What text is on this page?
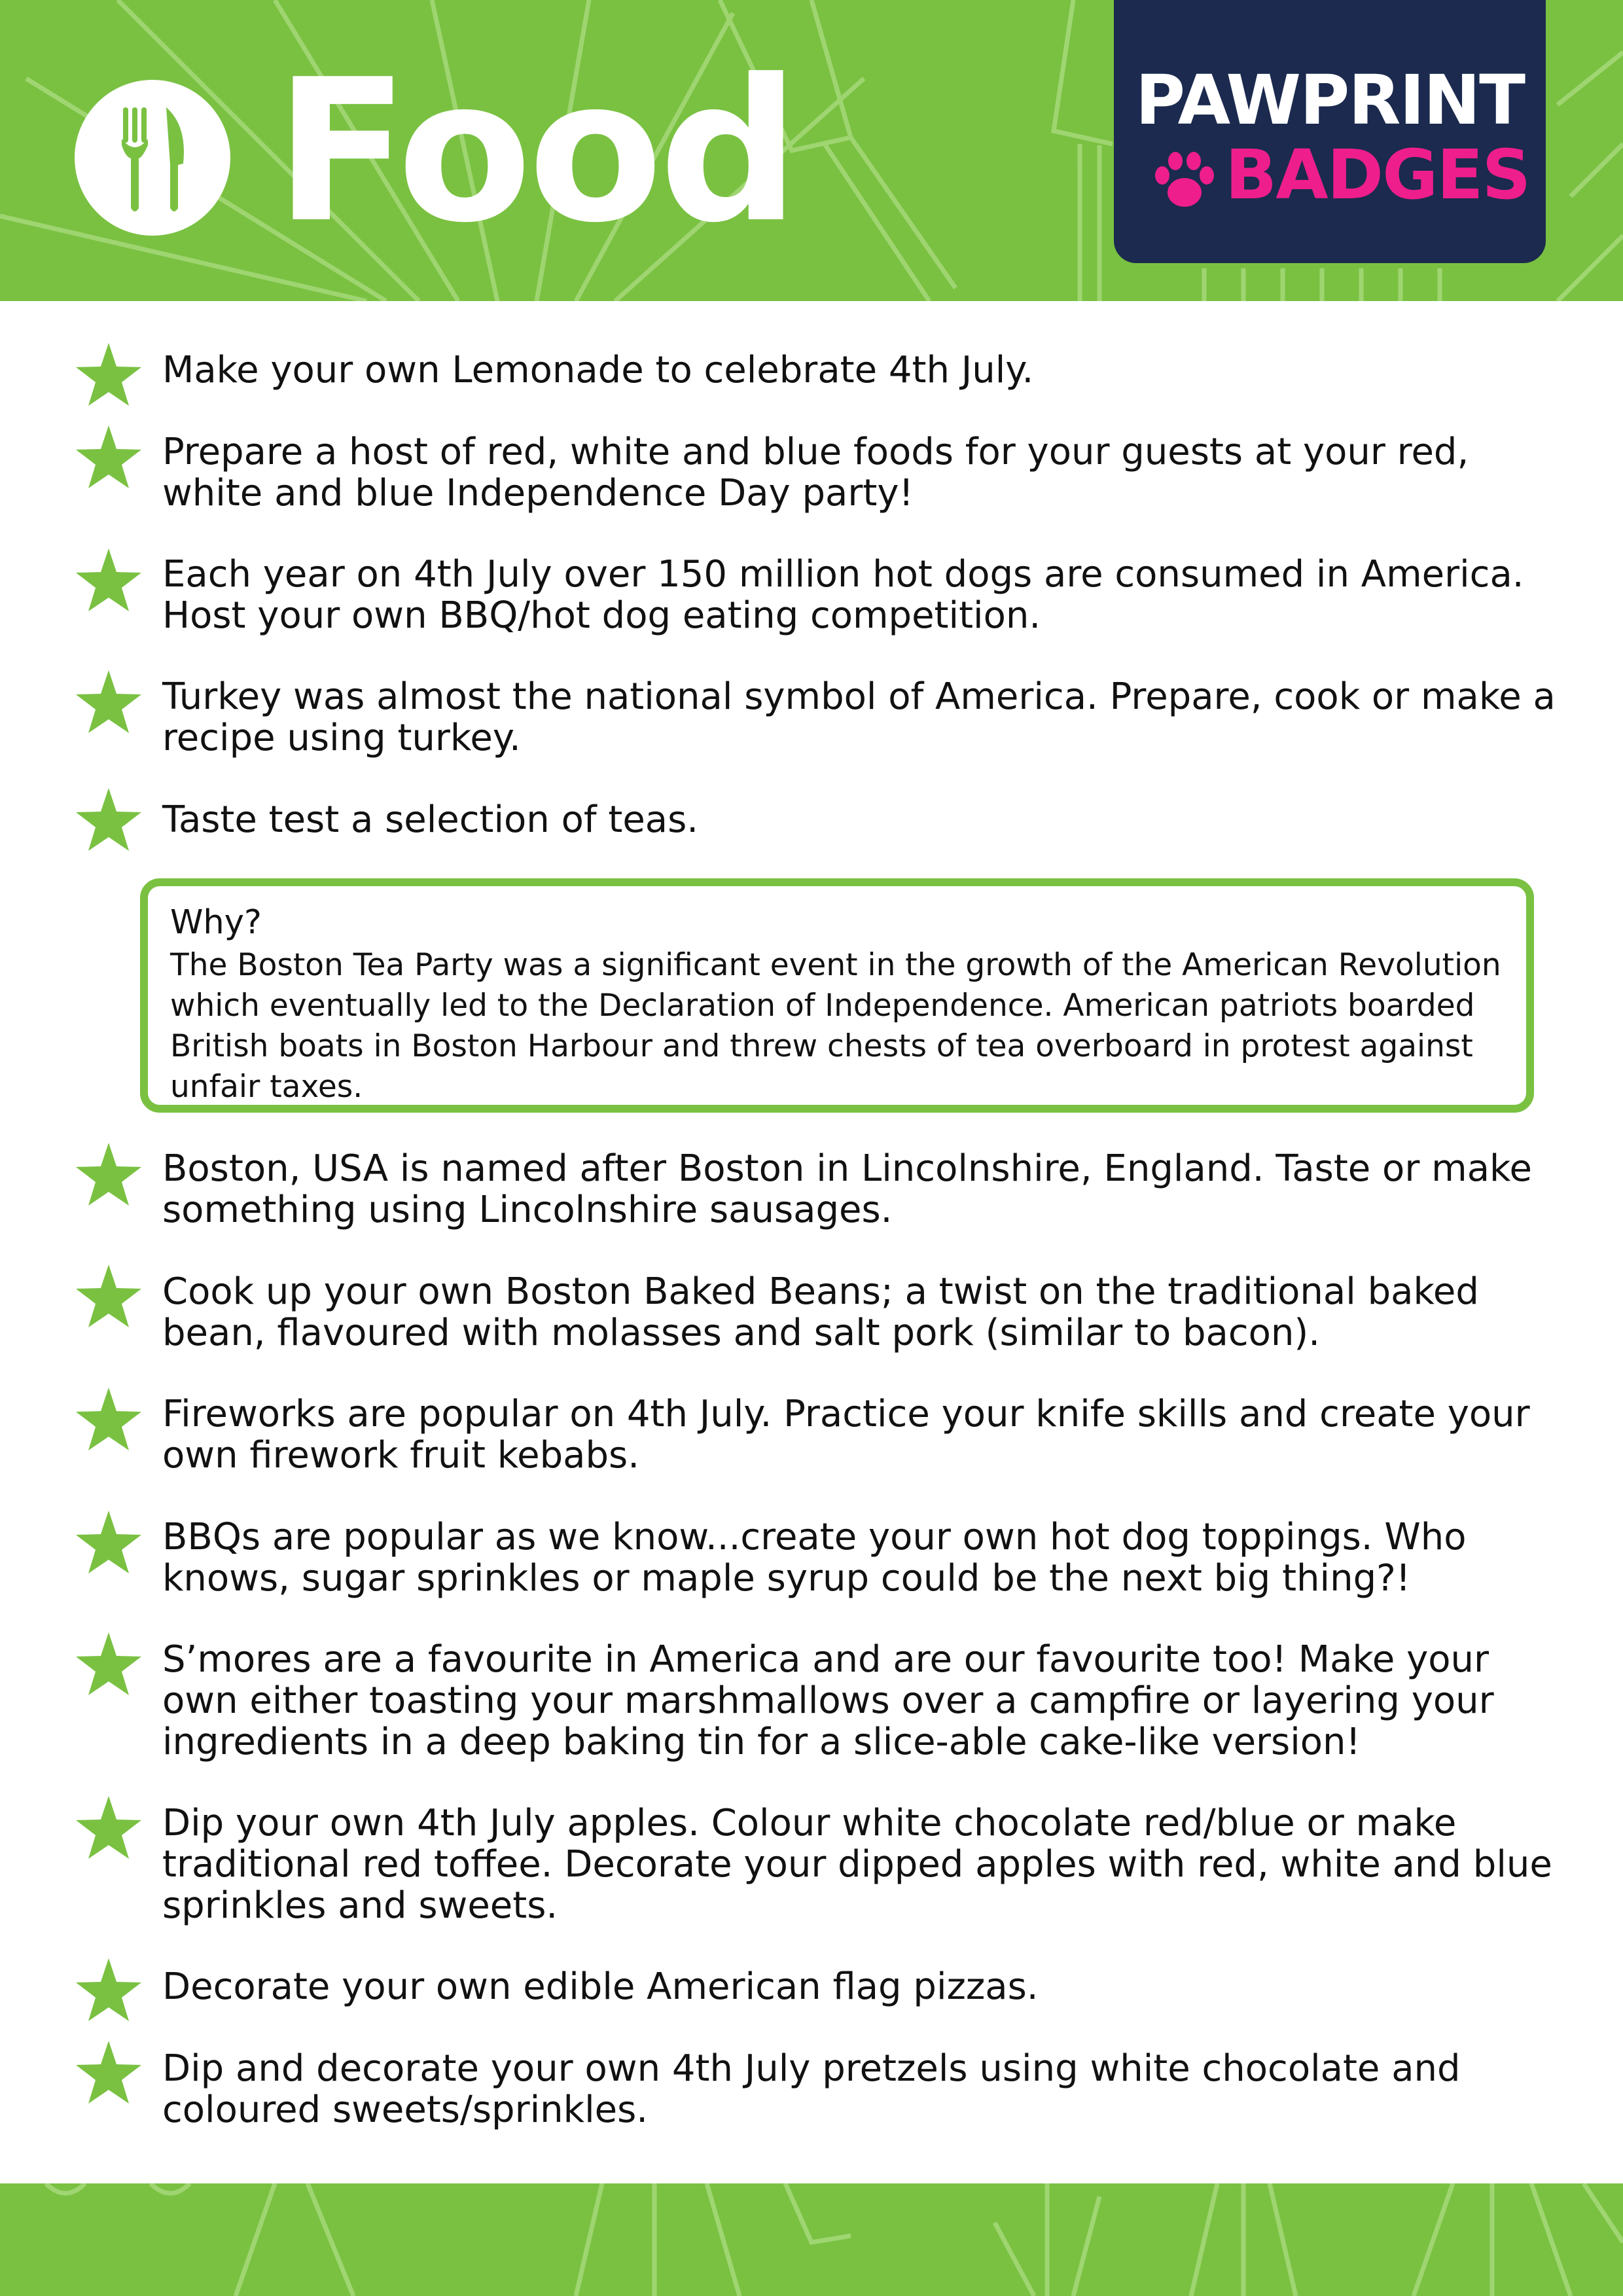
Food	PAWPRINT
BADGES
Make your own Lemonade to celebrate 4th July.
Prepare a host of red, white and blue foods for your guests at your red, white and blue Independence Day party!
Each year on 4th July over 150 million hot dogs are consumed in America. Host your own BBQ/hot dog eating competition.
Turkey was almost the national symbol of America. Prepare, cook or make a recipe using turkey.
Taste test a selection of teas.
Why?
The Boston Tea Party was a significant event in the growth of the American Revolution which eventually led to the Declaration of Independence. American patriots boarded British boats in Boston Harbour and threw chests of tea overboard in protest against unfair taxes.
Boston, USA is named after Boston in Lincolnshire, England. Taste or make something using Lincolnshire sausages.
Cook up your own Boston Baked Beans; a twist on the traditional baked bean, flavoured with molasses and salt pork (similar to bacon).
Fireworks are popular on 4th July. Practice your knife skills and create your own firework fruit kebabs.
BBQs are popular as we know...create your own hot dog toppings. Who knows, sugar sprinkles or maple syrup could be the next big thing?!
S’mores are a favourite in America and are our favourite too! Make your own either toasting your marshmallows over a campfire or layering your ingredients in a deep baking tin for a slice-able cake-like version!
Dip your own 4th July apples. Colour white chocolate red/blue or make traditional red toffee. Decorate your dipped apples with red, white and blue sprinkles and sweets.
Decorate your own edible American flag pizzas.
Dip and decorate your own 4th July pretzels using white chocolate and coloured sweets/sprinkles.
